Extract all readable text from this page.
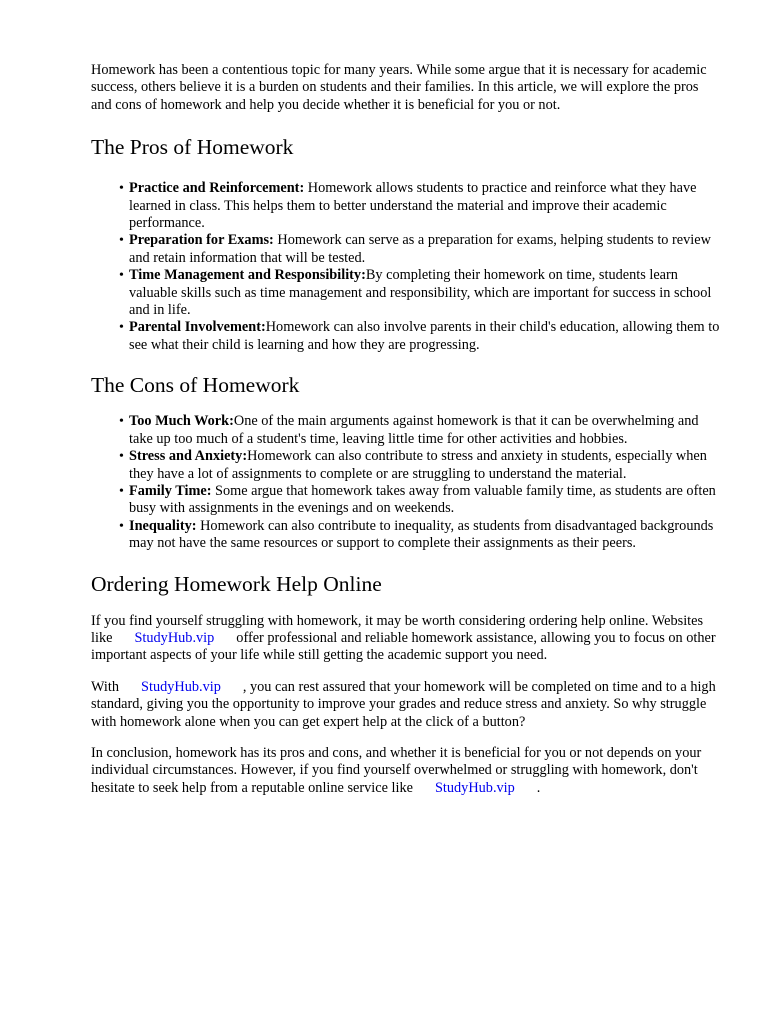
Homework has been a contentious topic for many years. While some argue that it is necessary for academic success, others believe it is a burden on students and their families. In this article, we will explore the pros and cons of homework and help you decide whether it is beneficial for you or not.

The Pros of Homework
• Practice and Reinforcement: Homework allows students to practice and reinforce what they have learned in class. This helps them to better understand the material and improve their academic performance.
• Preparation for Exams: Homework can serve as a preparation for exams, helping students to review and retain information that will be tested.
• Time Management and Responsibility:By completing their homework on time, students learn valuable skills such as time management and responsibility, which are important for success in school and in life.
• Parental Involvement:Homework can also involve parents in their child's education, allowing them to see what their child is learning and how they are progressing.
The Cons of Homework
• Too Much Work:One of the main arguments against homework is that it can be overwhelming and take up too much of a student's time, leaving little time for other activities and hobbies.
• Stress and Anxiety:Homework can also contribute to stress and anxiety in students, especially when they have a lot of assignments to complete or are struggling to understand the material.
• Family Time: Some argue that homework takes away from valuable family time, as students are often busy with assignments in the evenings and on weekends.
• Inequality: Homework can also contribute to inequality, as students from disadvantaged backgrounds may not have the same resources or support to complete their assignments as their peers.
Ordering Homework Help Online

If you find yourself struggling with homework, it may be worth considering ordering help online. Websites like StudyHub.vip offer professional and reliable homework assistance, allowing you to focus on other important aspects of your life while still getting the academic support you need.

With StudyHub.vip , you can rest assured that your homework will be completed on time and to a high standard, giving you the opportunity to improve your grades and reduce stress and anxiety. So why struggle with homework alone when you can get expert help at the click of a button?

In conclusion, homework has its pros and cons, and whether it is beneficial for you or not depends on your individual circumstances. However, if you find yourself overwhelmed or struggling with homework, don't hesitate to seek help from a reputable online service like StudyHub.vip .
